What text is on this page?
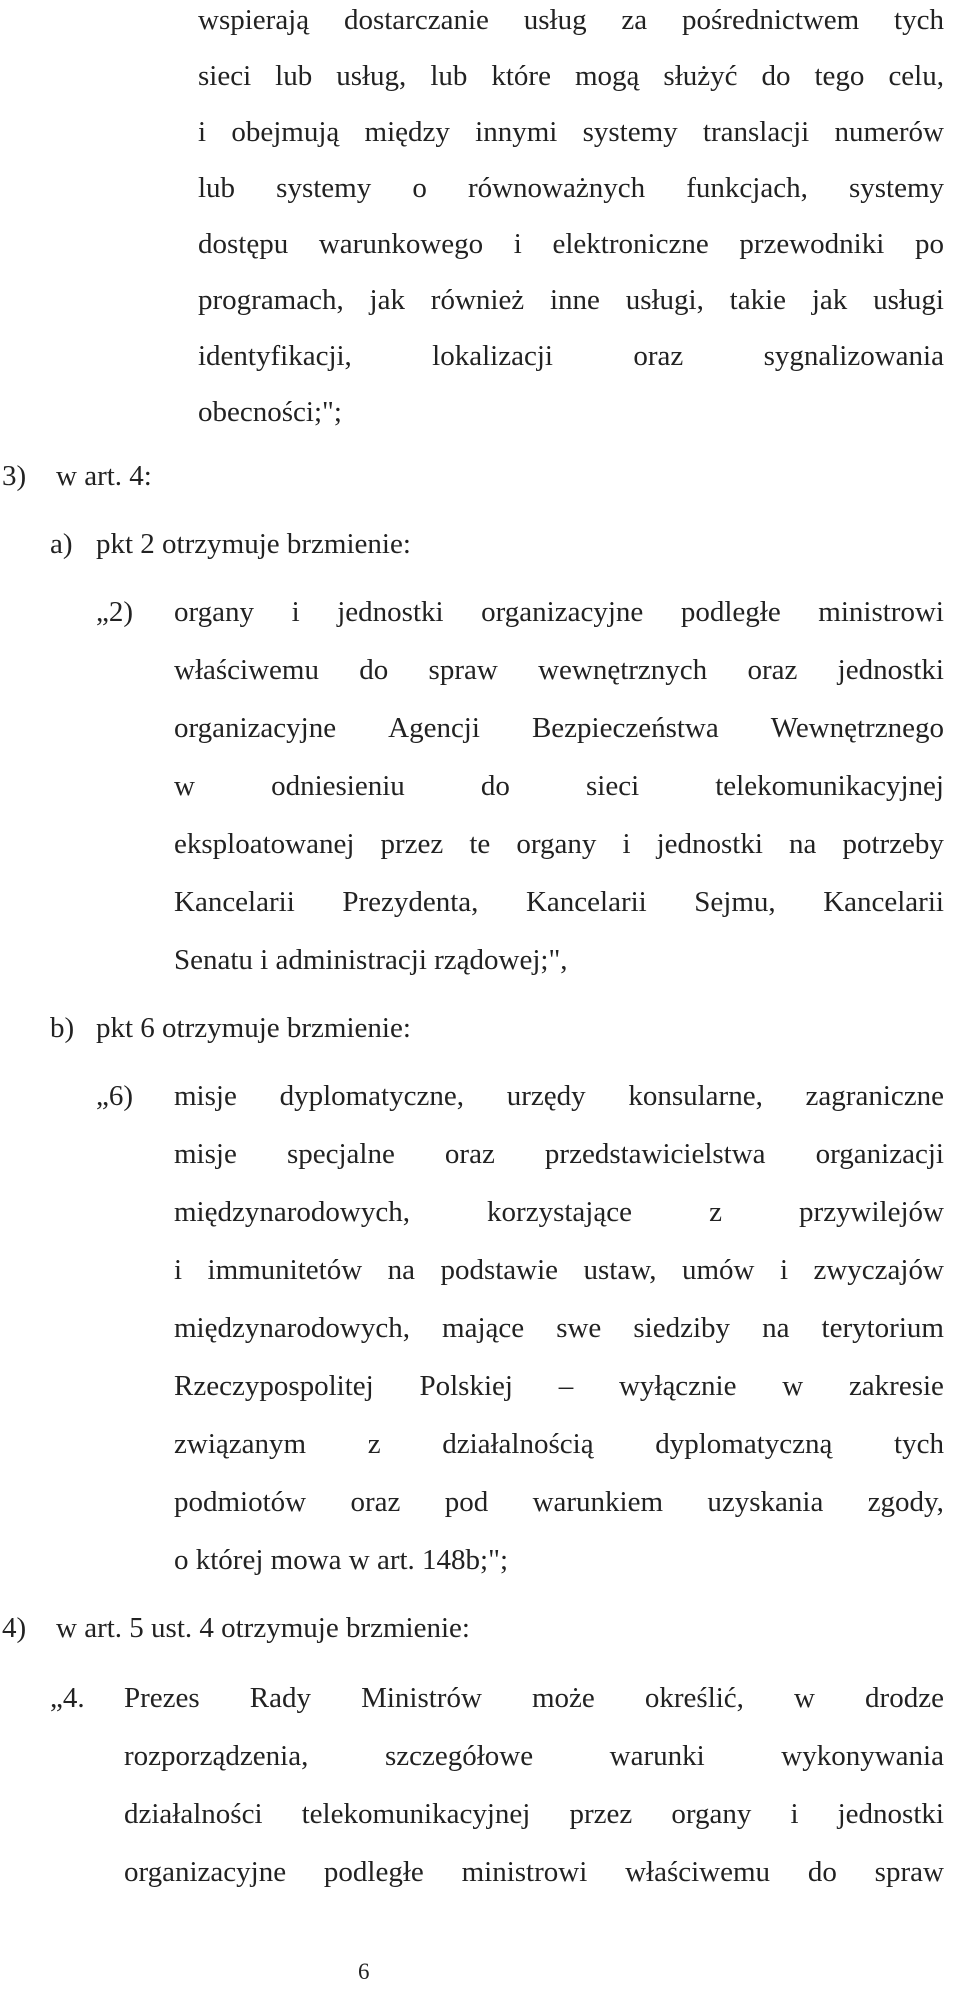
wspierają dostarczanie usług za pośrednictwem tych
sieci lub usług, lub które mogą służyć do tego celu,
i obejmują między innymi systemy translacji numerów
lub systemy o równoważnych funkcjach, systemy
dostępu warunkowego i elektroniczne przewodniki po
programach, jak również inne usługi, takie jak usługi
identyfikacji,	lokalizacji	oraz	sygnalizowania
obecności;";
3) w art. 4:
a) pkt 2 otrzymuje brzmienie:
„2) organy i jednostki organizacyjne podległe ministrowi
właściwemu do spraw wewnętrznych oraz jednostki
organizacyjne Agencji Bezpieczeństwa Wewnętrznego
w	odniesieniu	do	sieci	telekomunikacyjnej
eksploatowanej przez te organy i jednostki na potrzeby
Kancelarii Prezydenta, Kancelarii Sejmu, Kancelarii
Senatu i administracji rządowej;",
b) pkt 6 otrzymuje brzmienie:
„6) misje dyplomatyczne, urzędy konsularne, zagraniczne
misje specjalne oraz przedstawicielstwa organizacji
międzynarodowych,	korzystające	z	przywilejów
i immunitetów na podstawie ustaw, umów i zwyczajów
międzynarodowych, mające swe siedziby na terytorium
Rzeczypospolitej Polskiej – wyłącznie w zakresie
związanym z działalnością dyplomatyczną tych
podmiotów oraz pod warunkiem uzyskania zgody,
o której mowa w art. 148b;";
4) w art. 5 ust. 4 otrzymuje brzmienie:
„4. Prezes Rady Ministrów może określić, w drodze
rozporządzenia,	szczegółowe	warunki	wykonywania
działalności telekomunikacyjnej przez organy i jednostki
organizacyjne podległe ministrowi właściwemu do spraw
6
